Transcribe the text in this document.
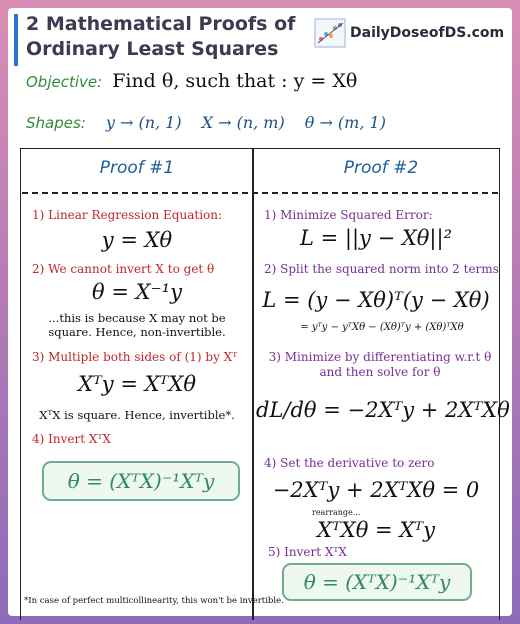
2 Mathematical Proofs of Ordinary Least Squares
DailyDoseofDS.com
Objective: Find θ, such that : y = Xθ
Shapes: y → (n, 1) X → (n, m) θ → (m, 1)
Proof #1	Proof #2
1) Linear Regression Equation:
y = Xθ
2) We cannot invert X to get θ
θ = X⁻¹y
...this is because X may not be square. Hence, non-invertible.
3) Multiple both sides of (1) by Xᵀ
Xᵀy = XᵀXθ
XᵀX is square. Hence, invertible*.
4) Invert XᵀX
θ = (XᵀX)⁻¹Xᵀy
*In case of perfect multicollinearity, this won't be invertible.
1) Minimize Squared Error:
L = ||y − Xθ||²
2) Split the squared norm into 2 terms
L = (y − Xθ)ᵀ(y − Xθ)
= yᵀy − yᵀXθ − (Xθ)ᵀy + (Xθ)ᵀXθ
3) Minimize by differentiating w.r.t θ and then solve for θ
dL/dθ = −2Xᵀy + 2XᵀXθ
4) Set the derivative to zero
−2Xᵀy + 2XᵀXθ = 0
rearrange...
XᵀXθ = Xᵀy
5) Invert XᵀX
θ = (XᵀX)⁻¹Xᵀy
